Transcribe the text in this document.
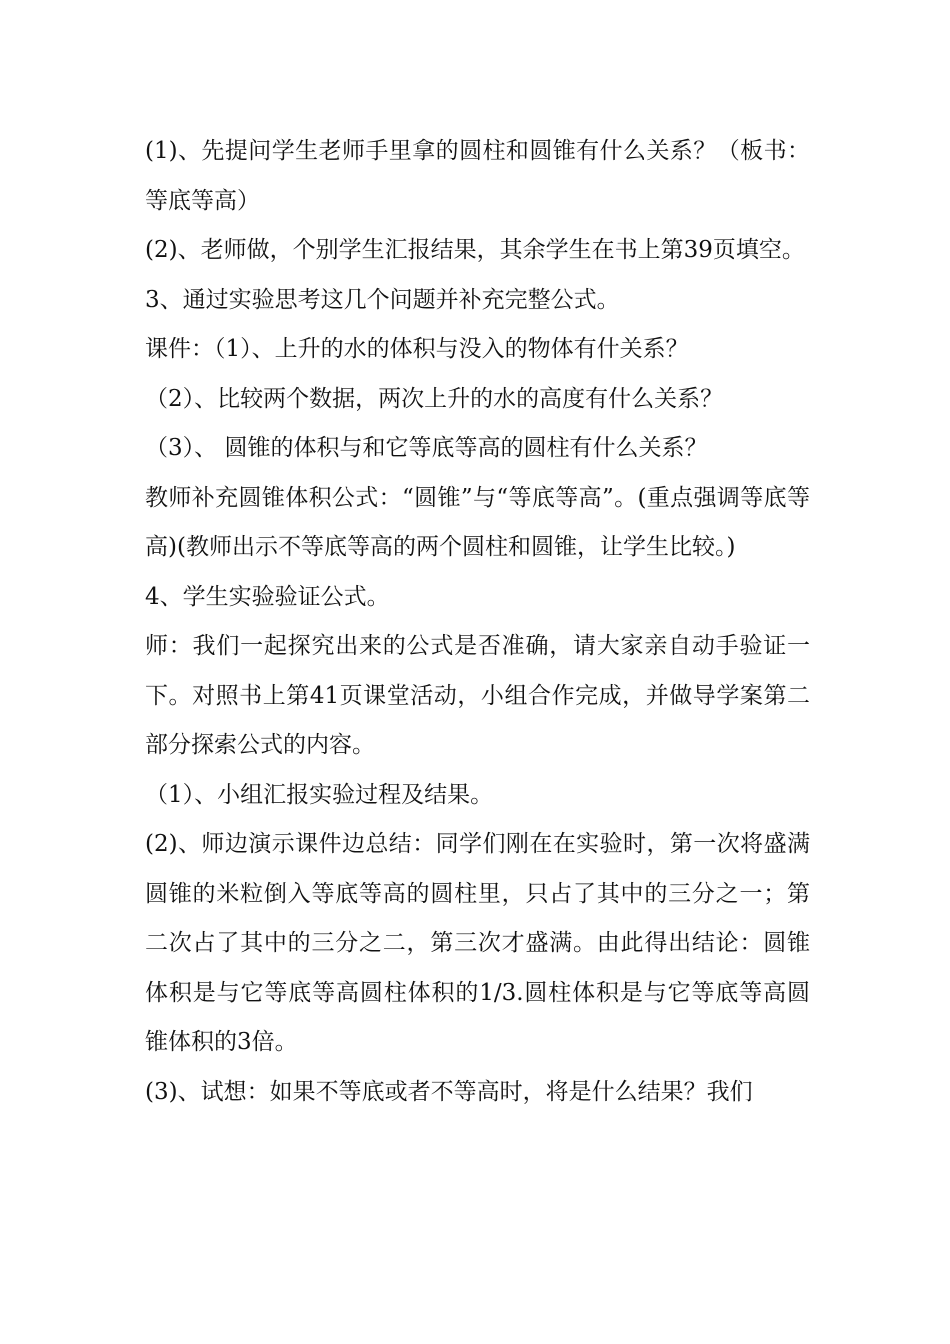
(1)、先提问学生老师手里拿的圆柱和圆锥有什么关系？（板书：等底等高）

(2)、老师做，个别学生汇报结果，其余学生在书上第39页填空。

3、通过实验思考这几个问题并补充完整公式。

课件：（1）、上升的水的体积与没入的物体有什关系？

（2）、比较两个数据，两次上升的水的高度有什么关系？

（3）、 圆锥的体积与和它等底等高的圆柱有什么关系？

教师补充圆锥体积公式：“圆锥”与“等底等高”。(重点强调等底等高)(教师出示不等底等高的两个圆柱和圆锥，让学生比较。)

4、学生实验验证公式。

师：我们一起探究出来的公式是否准确，请大家亲自动手验证一下。对照书上第41页课堂活动，小组合作完成，并做导学案第二部分探索公式的内容。

（1）、小组汇报实验过程及结果。

(2)、师边演示课件边总结：同学们刚在在实验时，第一次将盛满圆锥的米粒倒入等底等高的圆柱里，只占了其中的三分之一；第二次占了其中的三分之二，第三次才盛满。由此得出结论：圆锥体积是与它等底等高圆柱体积的1/3.圆柱体积是与它等底等高圆锥体积的3倍。

(3)、试想：如果不等底或者不等高时，将是什么结果？我们
